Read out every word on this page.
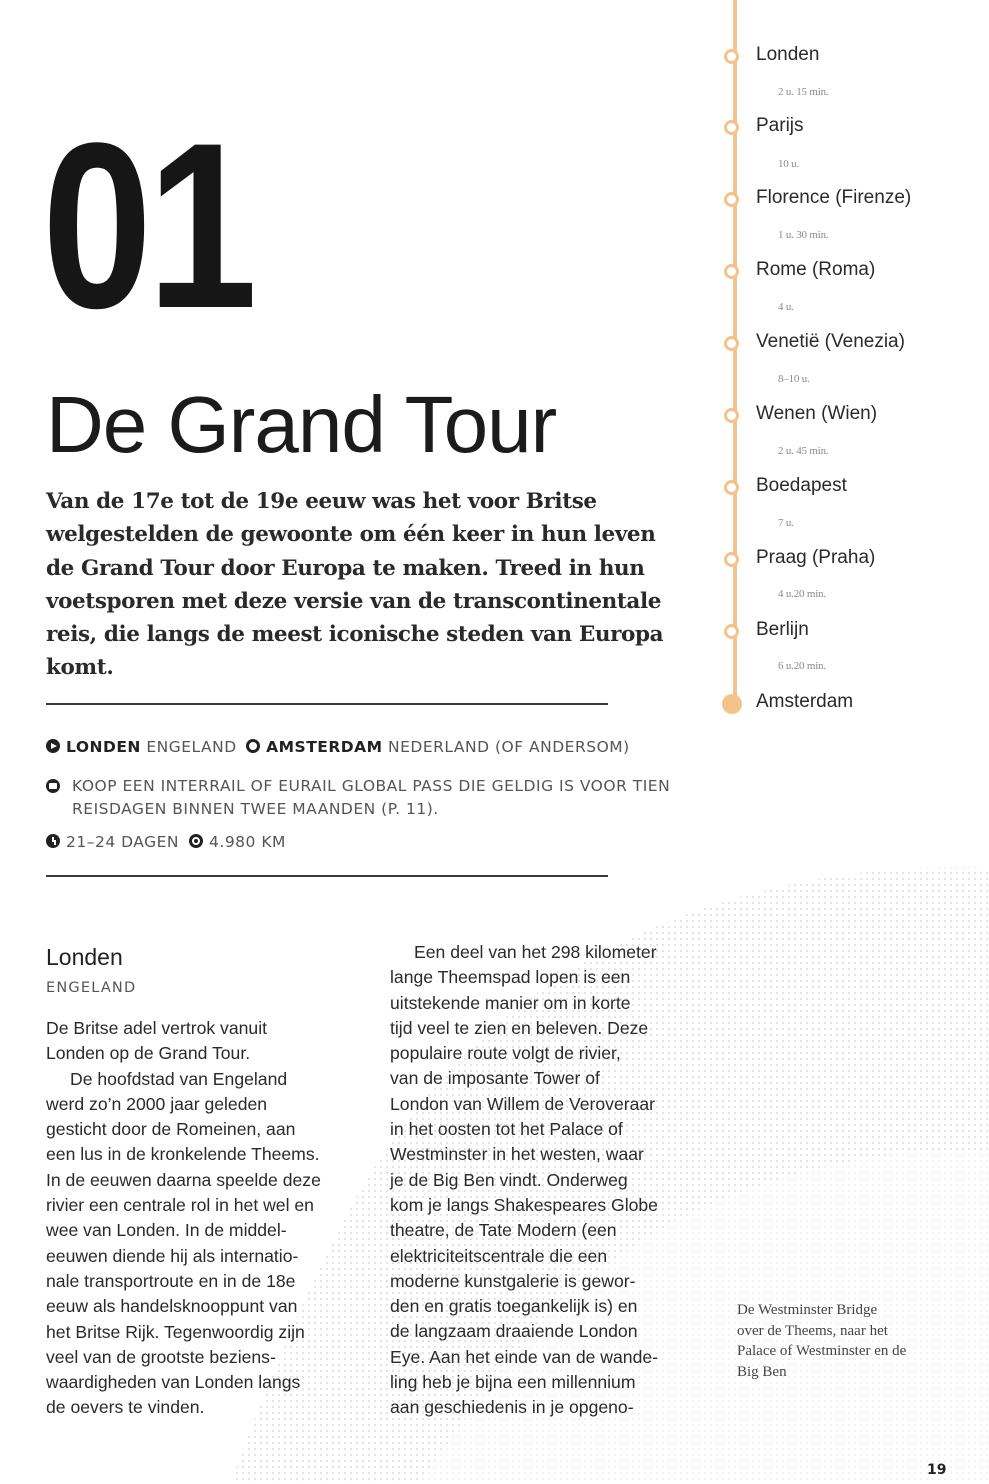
Londen
2 u. 15 min.
Parijs
10 u.
Florence (Firenze)
1 u. 30 min.
Rome (Roma)
4 u.
Venetië (Venezia)
8–10 u.
Wenen (Wien)
2 u. 45 min.
Boedapest
7 u.
Praag (Praha)
4 u.20 min.
Berlijn
6 u.20 min.
Amsterdam
01
De Grand Tour

Van de 17e tot de 19e eeuw was het voor Britse welgestelden de gewoonte om één keer in hun leven de Grand Tour door Europa te maken. Treed in hun voetsporen met deze versie van de transcontinentale reis, die langs de meest iconische steden van Europa komt.

LONDEN ENGELAND AMSTERDAM NEDERLAND (OF ANDERSOM)

KOOP EEN INTERRAIL OF EURAIL GLOBAL PASS DIE GELDIG IS VOOR TIEN REISDAGEN BINNEN TWEE MAANDEN (P. 11).

21–24 DAGEN 4.980 KM
Londen
ENGELAND
De Britse adel vertrok vanuit
Londen op de Grand Tour.
De hoofdstad van Engeland
werd zo’n 2000 jaar geleden
gesticht door de Romeinen, aan
een lus in de kronkelende Theems.
In de eeuwen daarna speelde deze
rivier een centrale rol in het wel en
wee van Londen. In de middel-
eeuwen diende hij als internatio-
nale transportroute en in de 18e
eeuw als handelsknooppunt van
het Britse Rijk. Tegenwoordig zijn
veel van de grootste beziens-
waardigheden van Londen langs
de oevers te vinden.
Een deel van het 298 kilometer
lange Theemspad lopen is een
uitstekende manier om in korte
tijd veel te zien en beleven. Deze
populaire route volgt de rivier,
van de imposante Tower of
London van Willem de Veroveraar
in het oosten tot het Palace of
Westminster in het westen, waar
je de Big Ben vindt. Onderweg
kom je langs Shakespeares Globe
theatre, de Tate Modern (een
elektriciteitscentrale die een
moderne kunstgalerie is gewor-
den en gratis toegankelijk is) en
de langzaam draaiende London
Eye. Aan het einde van de wande-
ling heb je bijna een millennium
aan geschiedenis in je opgeno-

De Westminster Bridge over de Theems, naar het Palace of Westminster en de Big Ben

19
